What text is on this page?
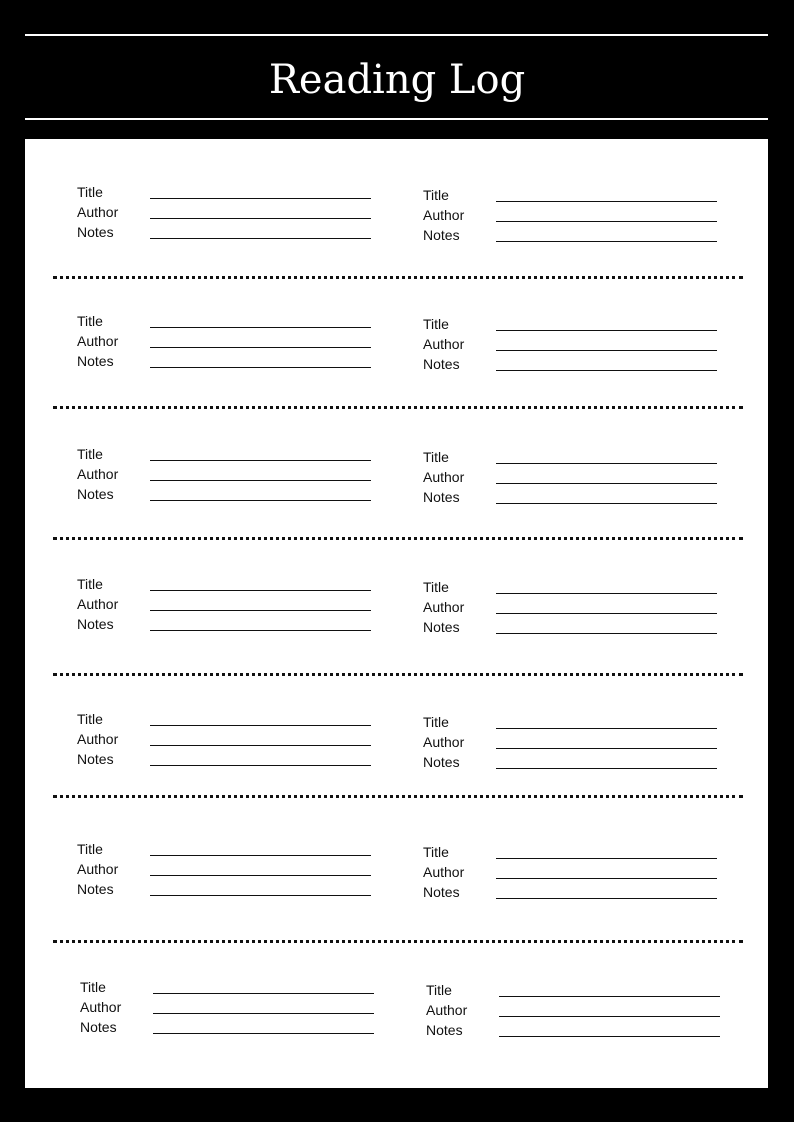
Reading Log
Title
Author
Notes
Title
Author
Notes
Title
Author
Notes
Title
Author
Notes
Title
Author
Notes
Title
Author
Notes
Title
Author
Notes
Title
Author
Notes
Title
Author
Notes
Title
Author
Notes
Title
Author
Notes
Title
Author
Notes
Title
Author
Notes
Title
Author
Notes
